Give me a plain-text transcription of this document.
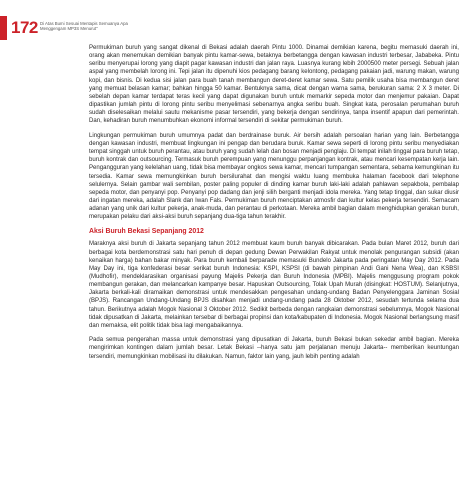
172 Di Atas Bumi Sesuai Mentapis Semuanya Apa
Menggengam MP3S Menurut"

Permukiman buruh yang sangat dikenal di Bekasi adalah daerah Pintu 1000. Dinamai demikian karena, begitu memasuki daerah ini, orang akan menemukan demikian banyak pintu kamar-sewa, betaknya berbetangga dengan kawasan industri terbesar, Jababeka. Pintu seribu menyerupai lorong yang diapit pagar kawasan industri dan jalan raya. Luasnya kurang lebih 2000500 meter persegi. Sebuah jalan aspal yang membelah lorong ini. Tepi jalan itu dipenuhi kios pedagang barang kelontong, pedagang pakaian jadi, warung makan, warung kopi, dan bisnis. Di kedua sisi jalan para buah tanah membangun deret-deret kamar sewa. Satu pemilik usaha bisa membangun deret yang memuat belasan kamar; bahkan hingga 50 kamar. Bentuknya sama, dicat dengan warna sama, berukuran sama: 2 X 3 meter. Di sebelah depan kamar terdapat teras kecil yang dapat digunakan buruh untuk memarkir sepeda motor dan menjemur pakaian. Dapat dipastikan jumlah pintu di lorong pintu seribu menyelimasi sebenarnya angka seribu buah. Singkat kata, perosalan perumahan buruh sudah diselesaikan melalui sautu mekanisme pasar tersendiri, yang bekerja dengan sendirinya, tanpa insentif apapun dari pemerintah. Dan, kehadiran buruh menumbuhkan ekonomi informal tersendiri di sekitar permukiman buruh.

Lingkungan permukiman buruh umumnya padat dan berdrainase buruk. Air bersih adalah persoalan harian yang lain. Berbetangga dengan kawasan industri, membuat lingkungan ini pengap dan berudara buruk. Kamar sewa seperti di lorong pintu seribu menyediakan tempat singgah untuk buruh perantau, atau buruh yang sudah lelah dan bosan menjadi penglaju. Di tempat inilah tinggal para buruh tetap, buruh kontrak dan outsourcing. Termasuk buruh perempuan yang menunggu perpanjangan kontrak, atau mencari kesempatan kerja lain. Pengangguran yang kelelahan uang, tidak bisa membayar ongkos sewa kamar, mencari tumpangan sementara, sebama kemungkinan itu tersedia. Kamar sewa memungkinkan buruh bersilurahat dan mengisi waktu luang membuka halaman facebook dari telephone selulernya. Selain gambar wali sembilan, poster paling populer di dinding kamar buruh laki-laki adalah pahlawan sepakbola, pembalap sepeda motor, dan penyanyi pop. Penyanyi pop dadang dan jenji silih berganti menjadi idola mereka. Yang tetap tinggal, dan sukar diusir dari ingatan mereka, adalah Slank dan Iwan Fals. Permukiman buruh menciptakan atmosfir dan kultur kelas pekerja tersendiri. Semacam adanan yang unik dari kultur pekerja, anak-muda, dan perantau di perkotaan. Mereka ambil bagian dalam menghidupkan gerakan buruh, merupakan pelaku dari aksi-aksi buruh sepanjang dua-tiga tahun terakhir.

Aksi Buruh Bekasi Sepanjang 2012

Maraknya aksi buruh di Jakarta sepanjang tahun 2012 membuat kaum buruh banyak dibicarakan. Pada bulan Maret 2012, buruh dari berbagai kota berdemonstrasi satu hari penuh di depan gedung Dewan Perwakilan Rakyat untuk menolak pengurangan subsidi (akan kenaikan harga) bahan bakar minyak. Para buruh kembali berparade memasuki Bundelo Jakarta pada peringatan May Day 2012. Pada May Day ini, tiga konfederasi besar serikat buruh Indonesia: KSPI, KSPSI (di bawah pimpinan Andi Gani Nena Wea), dan KSBSI (Mudhofir), mendeklarasikan organisasi payung Majelis Pekerja dan Buruh Indonesia (MPBI). Majelis menggusung program pokok membangun gerakan, dan melancarkan kampanye besar. Hapuskan Outsourcing, Tolak Upah Murah (disingkat: HOSTUM). Selanjutnya, Jakarta berkali-kali diramaikan demonstrasi untuk mendesakkan pengesahan undang-undang Badan Penyelenggara Jaminan Sosial (BPJS). Rancangan Undang-Undang BPJS disahkan menjadi undang-undang pada 28 Oktober 2012, sesudah tertunda selama dua tahun. Berikutnya adalah Mogok Nasional 3 Oktober 2012. Sedikit berbeda dengan rangkaian demonstrasi sebelumnya, Mogok Nasional tidak dipusatkan di Jakarta, melainkan tersebar di berbagai propinsi dan kota/kabupaten di Indonesia. Mogok Nasional berlangsung masif dan memaksa, elit politik tidak bisa lagi mengabaikannya.

Pada semua pengerahan massa untuk demonstrasi yang dipusatkan di Jakarta, buruh Bekasi bukan sekedar ambil bagian. Mereka mengirimkan kontingen dalam jumlah besar. Letak Bekasi --hanya satu jam perjalanan menuju Jakarta-- memberikan keuntungan tersendiri, memungkinkan mobilisasi itu dilakukan. Namun, faktor lain yang, jauh lebih penting adalah
